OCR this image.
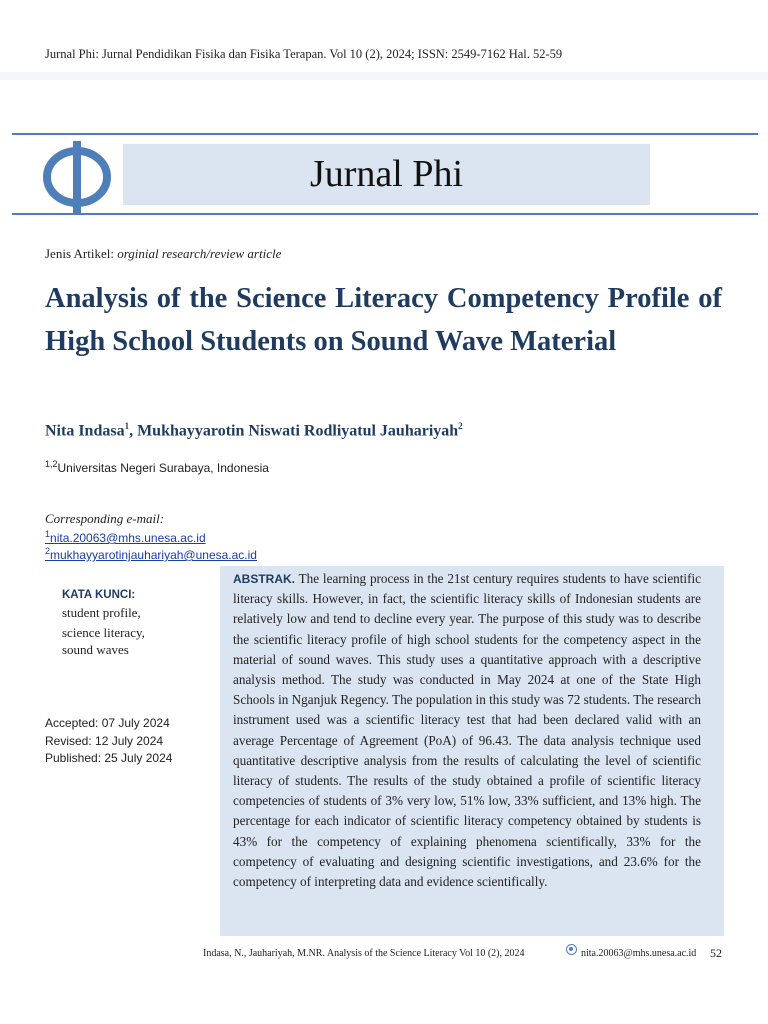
Jurnal Phi: Jurnal Pendidikan Fisika dan Fisika Terapan. Vol 10 (2), 2024; ISSN: 2549-7162 Hal. 52-59
Jurnal Phi
Jenis Artikel: orginial research/review article
Analysis of the Science Literacy Competency Profile of High School Students on Sound Wave Material
Nita Indasa$^1$, Mukhayyarotin Niswati Rodliyatul Jauhariyah$^2$
$^{1,2}$Universitas Negeri Surabaya, Indonesia
Corresponding e-mail:
$^1$nita.20063@mhs.unesa.ac.id
$^2$mukhayyarotinjauhariyah@unesa.ac.id
KATA KUNCI:
student profile,
science literacy,
sound waves
Accepted: 07 July 2024
Revised: 12 July 2024
Published: 25 July 2024
ABSTRAK. The learning process in the 21st century requires students to have scientific literacy skills. However, in fact, the scientific literacy skills of Indonesian students are relatively low and tend to decline every year. The purpose of this study was to describe the scientific literacy profile of high school students for the competency aspect in the material of sound waves. This study uses a quantitative approach with a descriptive analysis method. The study was conducted in May 2024 at one of the State High Schools in Nganjuk Regency. The population in this study was 72 students. The research instrument used was a scientific literacy test that had been declared valid with an average Percentage of Agreement (PoA) of 96.43. The data analysis technique used quantitative descriptive analysis from the results of calculating the level of scientific literacy of students. The results of the study obtained a profile of scientific literacy competencies of students of 3% very low, 51% low, 33% sufficient, and 13% high. The percentage for each indicator of scientific literacy competency obtained by students is 43% for the competency of explaining phenomena scientifically, 33% for the competency of evaluating and designing scientific investigations, and 23.6% for the competency of interpreting data and evidence scientifically.
Indasa, N., Jauhariyah, M.NR. Analysis of the Science Literacy Vol 10 (2), 2024	nita.20063@mhs.unesa.ac.id 52
